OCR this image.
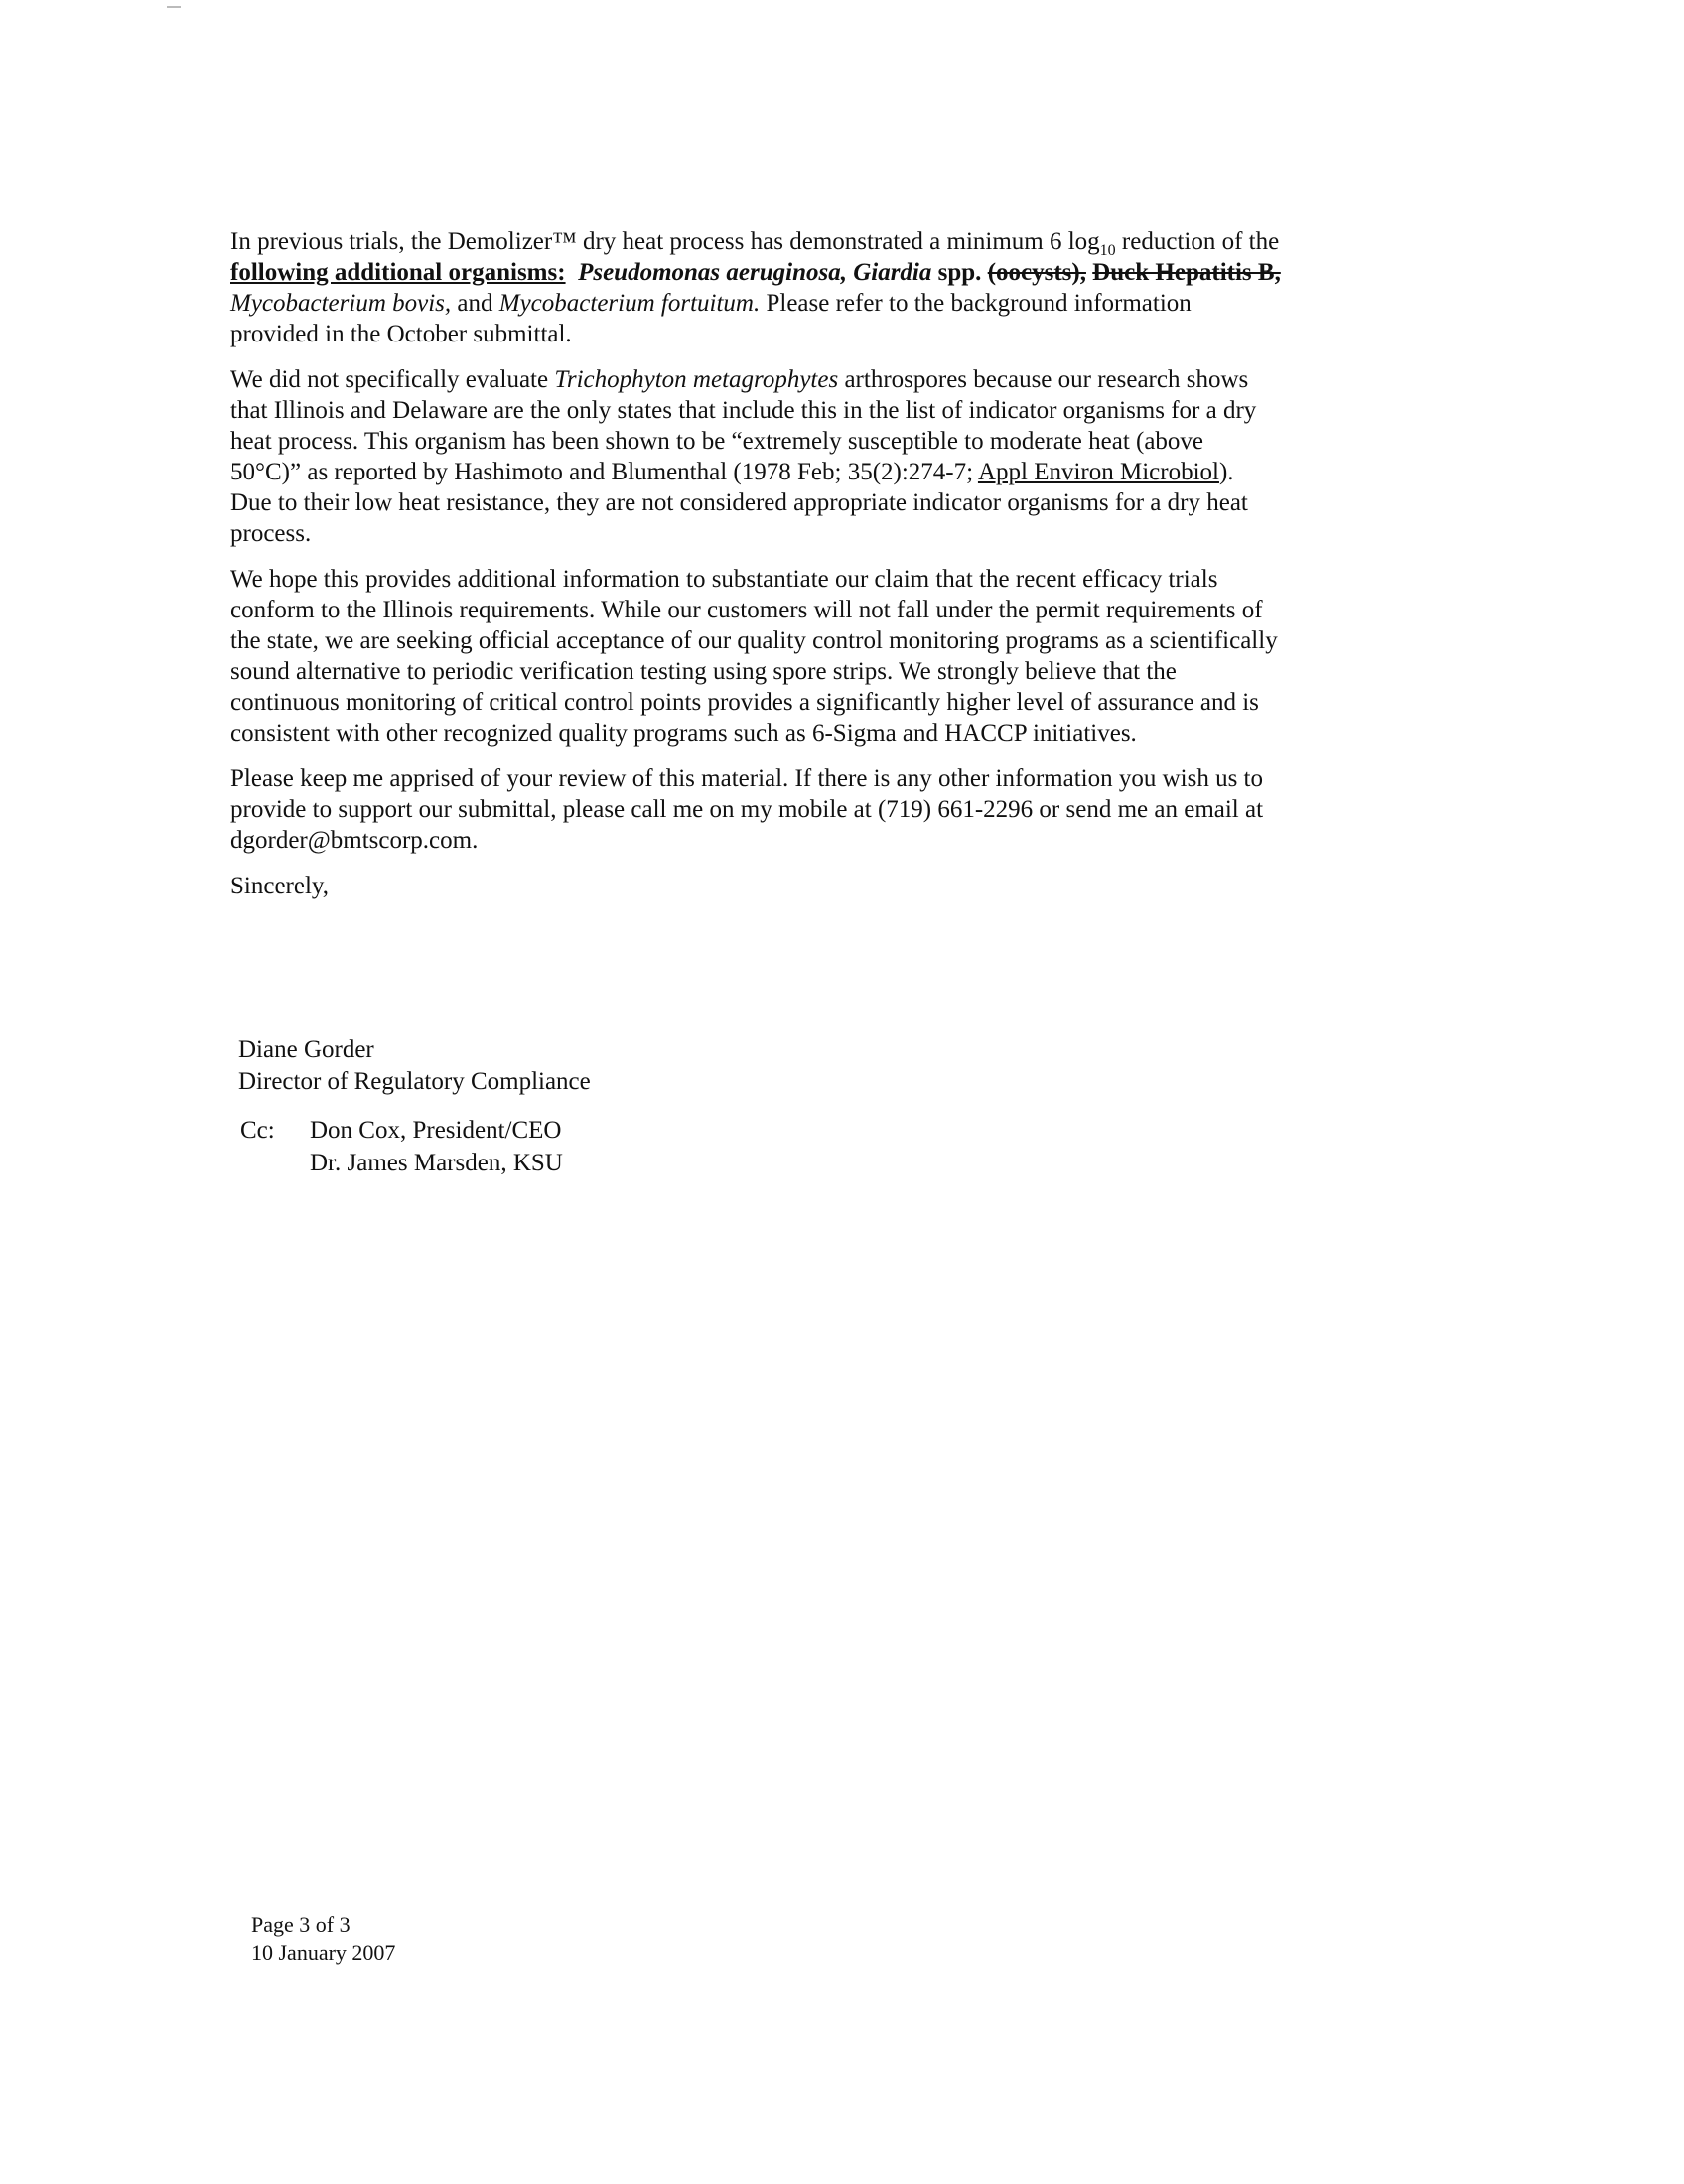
In previous trials, the Demolizer™ dry heat process has demonstrated a minimum 6 $\log_{10}$ reduction of the
following additional organisms: Pseudomonas aeruginosa, Giardia spp. (oocysts), Duck Hepatitis B,
Mycobacterium bovis, and Mycobacterium fortuitum. Please refer to the background information
provided in the October submittal.

We did not specifically evaluate Trichophyton metagrophytes arthrospores because our research shows
that Illinois and Delaware are the only states that include this in the list of indicator organisms for a dry
heat process. This organism has been shown to be “extremely susceptible to moderate heat (above
50°C)” as reported by Hashimoto and Blumenthal (1978 Feb; 35(2):274-7; Appl Environ Microbiol).
Due to their low heat resistance, they are not considered appropriate indicator organisms for a dry heat
process.

We hope this provides additional information to substantiate our claim that the recent efficacy trials
conform to the Illinois requirements. While our customers will not fall under the permit requirements of
the state, we are seeking official acceptance of our quality control monitoring programs as a scientifically
sound alternative to periodic verification testing using spore strips. We strongly believe that the
continuous monitoring of critical control points provides a significantly higher level of assurance and is
consistent with other recognized quality programs such as 6-Sigma and HACCP initiatives.

Please keep me apprised of your review of this material. If there is any other information you wish us to
provide to support our submittal, please call me on my mobile at (719) 661-2296 or send me an email at
dgorder@bmtscorp.com.

Sincerely,

Diane Gorder
Director of Regulatory Compliance
Cc: Don Cox, President/CEO
Dr. James Marsden, KSU
Page 3 of 3
10 January 2007
